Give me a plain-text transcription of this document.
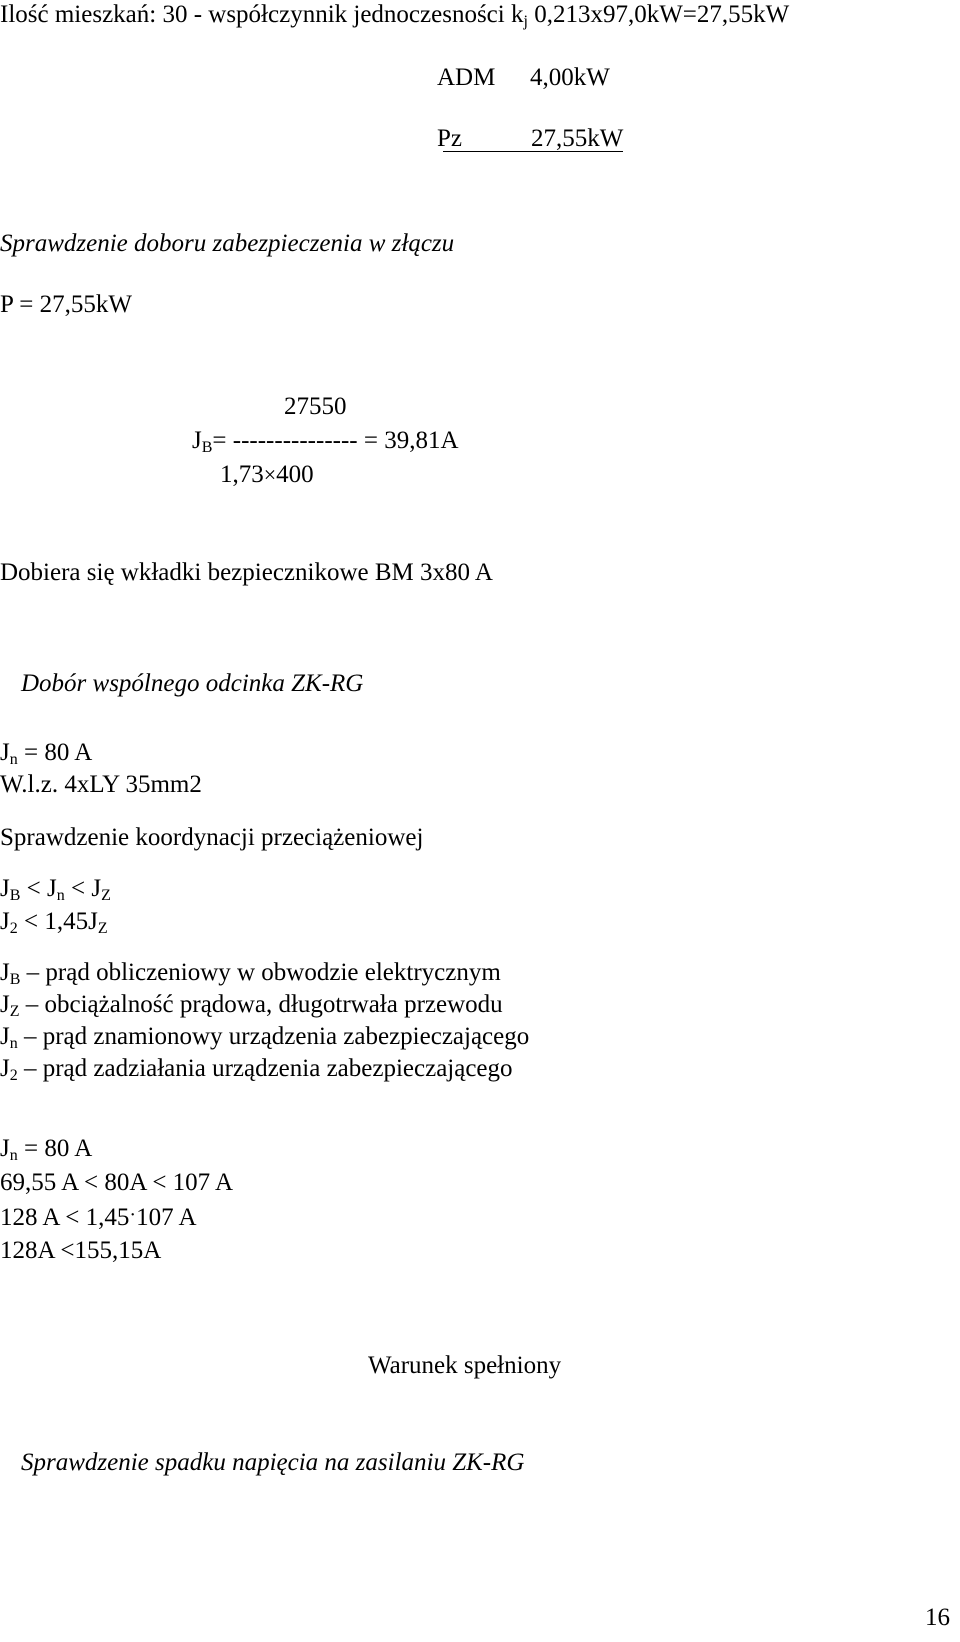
Ilość mieszkań: 30 - współczynnik jednoczesności $k_j$ 0,213x97,0kW=27,55kW
ADM 4,00kW
Pz	27,55kW
Sprawdzenie doboru zabezpieczenia w złączu
P = 27,55kW
27550
$J_B=$ --------------- = 39,81A
1,73×400
Dobiera się wkładki bezpiecznikowe BM 3x80 A
Dobór wspólnego odcinka ZK-RG
$J_n = 80$ A
W.l.z. 4xLY 35mm2
Sprawdzenie koordynacji przeciążeniowej
$J_B < J_n < J_Z$
$J_2 < 1,45J_Z$
$J_B$ – prąd obliczeniowy w obwodzie elektrycznym
$J_Z$ – obciążalność prądowa, długotrwała przewodu
$J_n$ – prąd znamionowy urządzenia zabezpieczającego
$J_2$ – prąd zadziałania urządzenia zabezpieczającego
$J_n = 80$ A
69,55 A < 80A < 107 A
128 A < 1,45·107 A
128A <155,15A
Warunek spełniony
Sprawdzenie spadku napięcia na zasilaniu ZK-RG
16
